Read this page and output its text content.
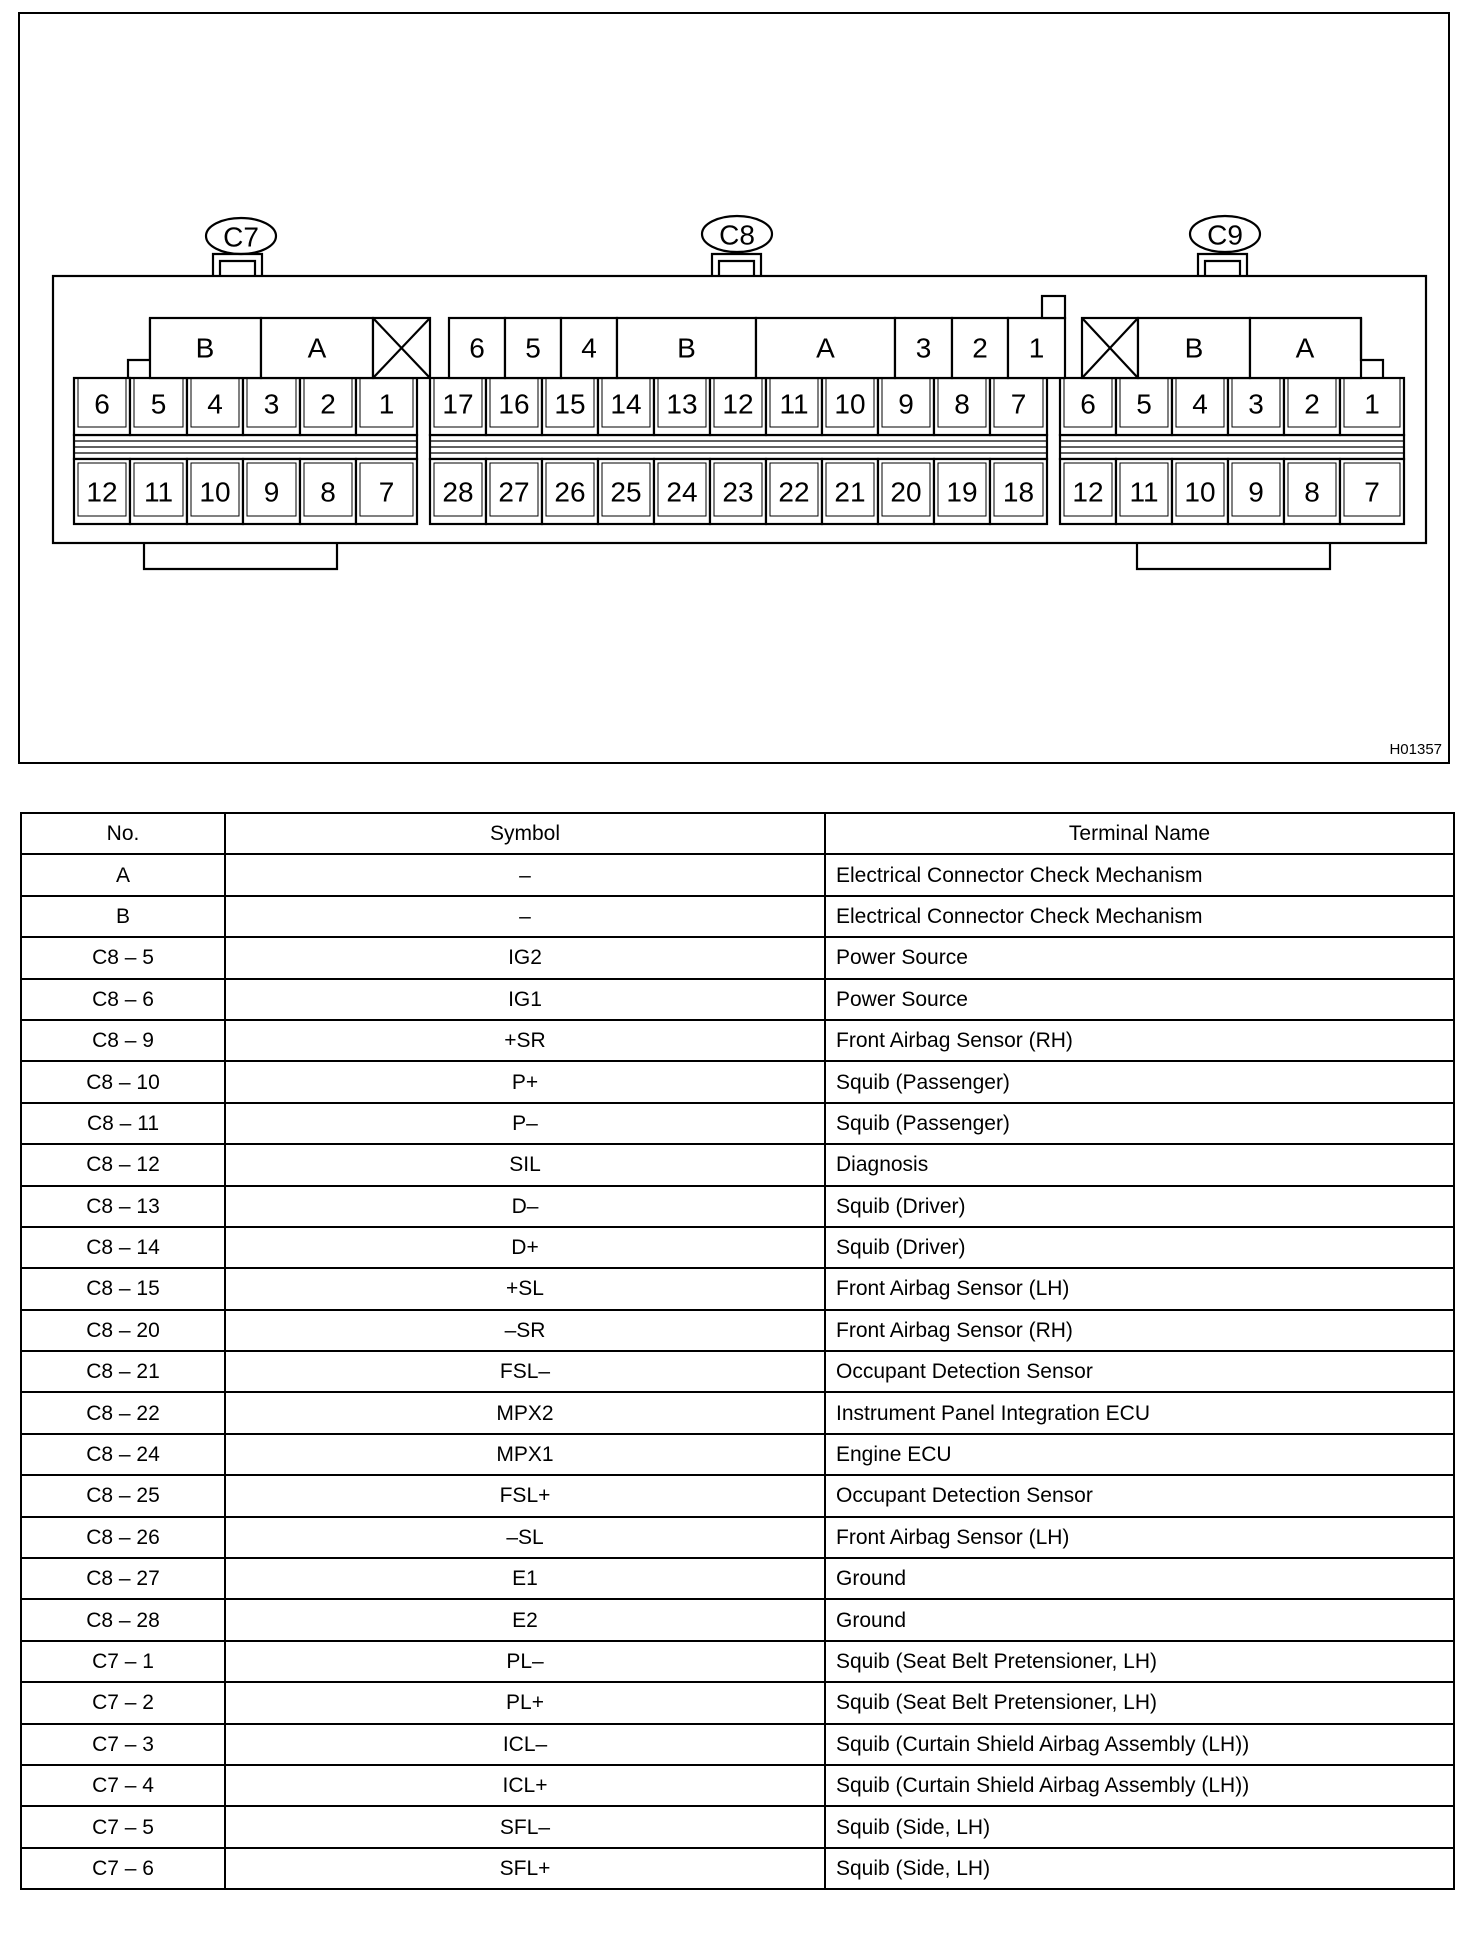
C7
6
12
5
11
4
10
3
9
2
8
1
7
C8
17
28
16
27
15
26
14
25
13
24
12
23
11
22
10
21
9
20
8
19
7
18
C9
6
12
5
11
4
10
3
9
2
8
1
7
B	A	6 5 4	B	A	3 2 1	B	A
H01357
No.	Symbol	Terminal Name
A	–	Electrical Connector Check Mechanism
B	–	Electrical Connector Check Mechanism
C8 – 5	IG2	Power Source
C8 – 6	IG1	Power Source
C8 – 9	+SR	Front Airbag Sensor (RH)
C8 – 10	P+	Squib (Passenger)
C8 – 11	P–	Squib (Passenger)
C8 – 12	SIL	Diagnosis
C8 – 13	D–	Squib (Driver)
C8 – 14	D+	Squib (Driver)
C8 – 15	+SL	Front Airbag Sensor (LH)
C8 – 20	–SR	Front Airbag Sensor (RH)
C8 – 21	FSL–	Occupant Detection Sensor
C8 – 22	MPX2	Instrument Panel Integration ECU
C8 – 24	MPX1	Engine ECU
C8 – 25	FSL+	Occupant Detection Sensor
C8 – 26	–SL	Front Airbag Sensor (LH)
C8 – 27	E1	Ground
C8 – 28	E2	Ground
C7 – 1	PL–	Squib (Seat Belt Pretensioner, LH)
C7 – 2	PL+	Squib (Seat Belt Pretensioner, LH)
C7 – 3	ICL–	Squib (Curtain Shield Airbag Assembly (LH))
C7 – 4	ICL+	Squib (Curtain Shield Airbag Assembly (LH))
C7 – 5	SFL–	Squib (Side, LH)
C7 – 6	SFL+	Squib (Side, LH)
